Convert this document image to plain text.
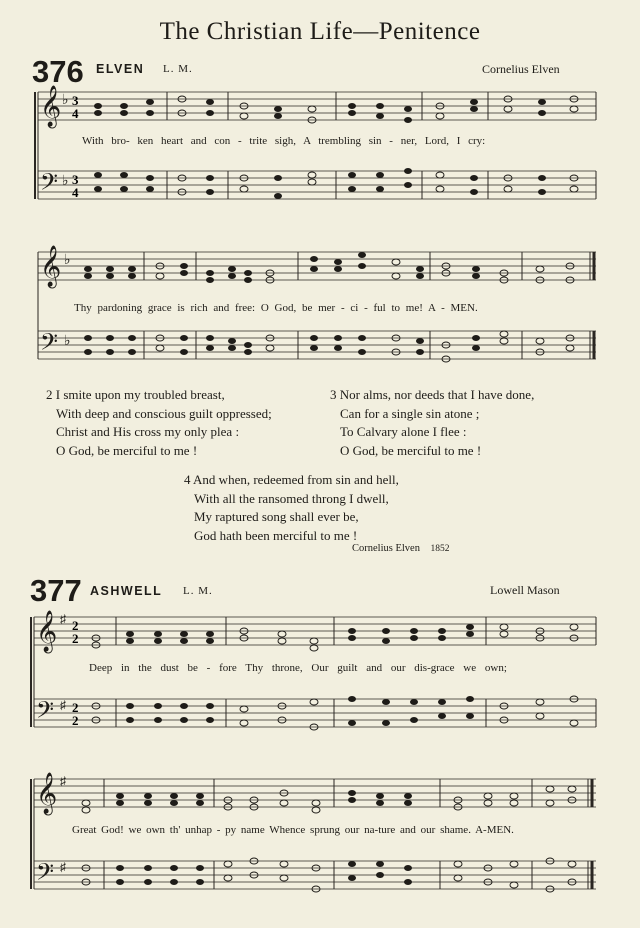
The Christian Life—Penitence
376 ELVEN L. M.	Cornelius Elven
𝄞
𝄢
♭
♭
3
4
3
4
With bro- ken heart and con - trite sigh, A trembling sin - ner, Lord, I cry:
𝄞
𝄢
♭
♭
Thy pardoning grace is rich and free: O God, be mer - ci - ful to me! A - MEN.
2 I smite upon my troubled breast,
With deep and conscious guilt oppressed;
Christ and His cross my only plea :
O God, be merciful to me !
3 Nor alms, nor deeds that I have done,
Can for a single sin atone ;
To Calvary alone I flee :
O God, be merciful to me !
4 And when, redeemed from sin and hell,
With all the ransomed throng I dwell,
My raptured song shall ever be,
God hath been merciful to me !
Cornelius Elven 1852
377 ASHWELL L. M.	Lowell Mason
𝄞
𝄢
♯
♯
2
2
2
2
Deep in the dust be - fore Thy throne, Our guilt and our dis-grace we own;
𝄞
𝄢
♯
♯
Great God! we own th' unhap - py name Whence sprung our na-ture and our shame. A-MEN.
